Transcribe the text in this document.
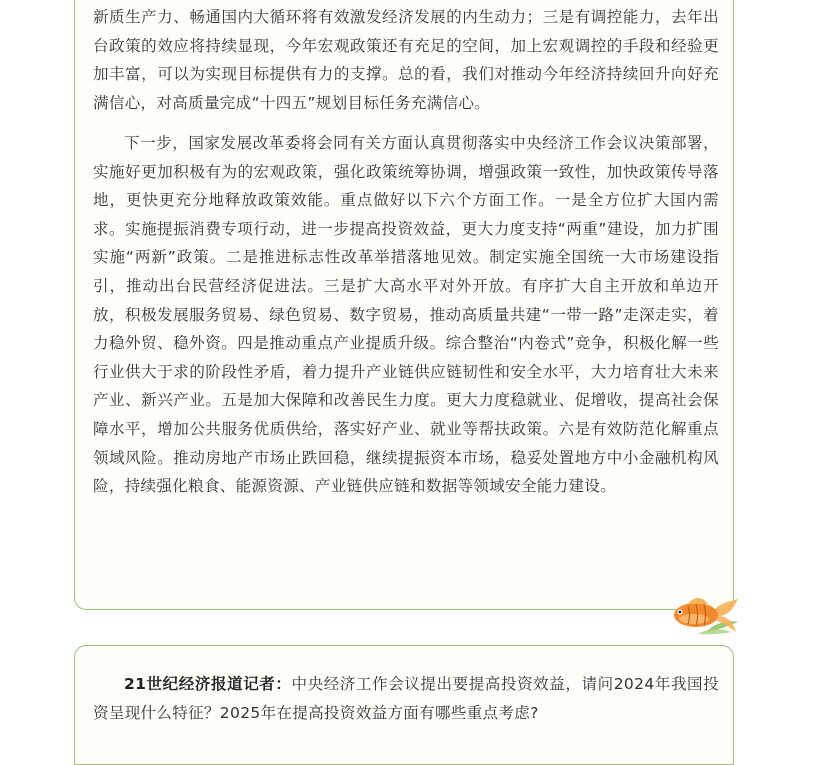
新质生产力、畅通国内大循环将有效激发经济发展的内生动力；三是有调控能力，去年出台政策的效应将持续显现，今年宏观政策还有充足的空间，加上宏观调控的手段和经验更加丰富，可以为实现目标提供有力的支撑。总的看，我们对推动今年经济持续回升向好充满信心，对高质量完成“十四五”规划目标任务充满信心。

下一步，国家发展改革委将会同有关方面认真贯彻落实中央经济工作会议决策部署，实施好更加积极有为的宏观政策，强化政策统筹协调，增强政策一致性，加快政策传导落地，更快更充分地释放政策效能。重点做好以下六个方面工作。一是全方位扩大国内需求。实施提振消费专项行动，进一步提高投资效益，更大力度支持“两重”建设，加力扩围实施“两新”政策。二是推进标志性改革举措落地见效。制定实施全国统一大市场建设指引，推动出台民营经济促进法。三是扩大高水平对外开放。有序扩大自主开放和单边开放，积极发展服务贸易、绿色贸易、数字贸易，推动高质量共建“一带一路”走深走实，着力稳外贸、稳外资。四是推动重点产业提质升级。综合整治“内卷式”竞争，积极化解一些行业供大于求的阶段性矛盾，着力提升产业链供应链韧性和安全水平，大力培育壮大未来产业、新兴产业。五是加大保障和改善民生力度。更大力度稳就业、促增收，提高社会保障水平，增加公共服务优质供给，落实好产业、就业等帮扶政策。六是有效防范化解重点领域风险。推动房地产市场止跌回稳，继续提振资本市场，稳妥处置地方中小金融机构风险，持续强化粮食、能源资源、产业链供应链和数据等领域安全能力建设。

21世纪经济报道记者：中央经济工作会议提出要提高投资效益，请问2024年我国投资呈现什么特征？2025年在提高投资效益方面有哪些重点考虑?
